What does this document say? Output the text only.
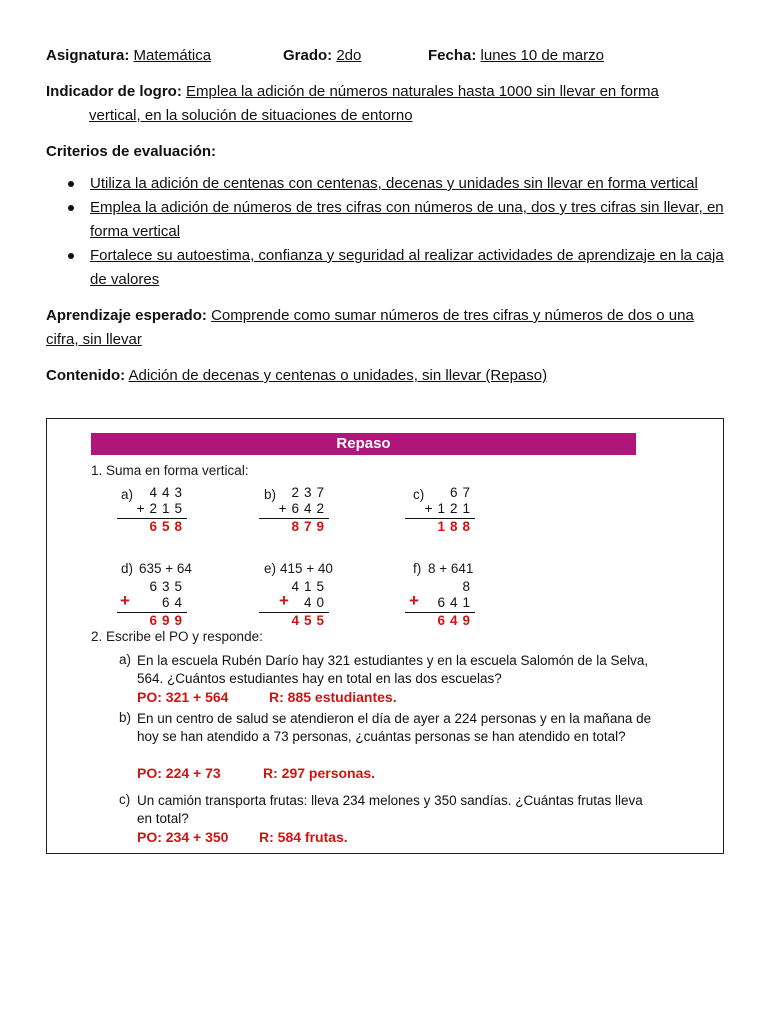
Asignatura: Matemática	Grado: 2do	Fecha: lunes 10 de marzo
Indicador de logro: Emplea la adición de números naturales hasta 1000 sin llevar en forma
vertical, en la solución de situaciones de entorno
Criterios de evaluación:
Utiliza la adición de centenas con centenas, decenas y unidades sin llevar en forma vertical
Emplea la adición de números de tres cifras con números de una, dos y tres cifras sin llevar, en forma vertical
Fortalece su autoestima, confianza y seguridad al realizar actividades de aprendizaje en la caja de valores
Aprendizaje esperado: Comprende como sumar números de tres cifras y números de dos o una cifra, sin llevar
Contenido: Adición de decenas y centenas o unidades, sin llevar (Repaso)
Repaso
1. Suma en forma vertical:
a)	443
+215
658
b)	237
+642
879
c)	67
+121
188
d) 635 + 64
635
+	64
699
e) 415 + 40
415
+	40
455
f) 8 + 641
8
+	641
649
2. Escribe el PO y responde:
a) En la escuela Rubén Darío hay 321 estudiantes y en la escuela Salomón de la Selva, 564. ¿Cuántos estudiantes hay en total en las dos escuelas?
PO: 321 + 564	R: 885 estudiantes.
b) En un centro de salud se atendieron el día de ayer a 224 personas y en la mañana de hoy se han atendido a 73 personas, ¿cuántas personas se han atendido en total?
PO: 224 + 73	R: 297 personas.
c) Un camión transporta frutas: lleva 234 melones y 350 sandías. ¿Cuántas frutas lleva en total?
PO: 234 + 350 R: 584 frutas.
